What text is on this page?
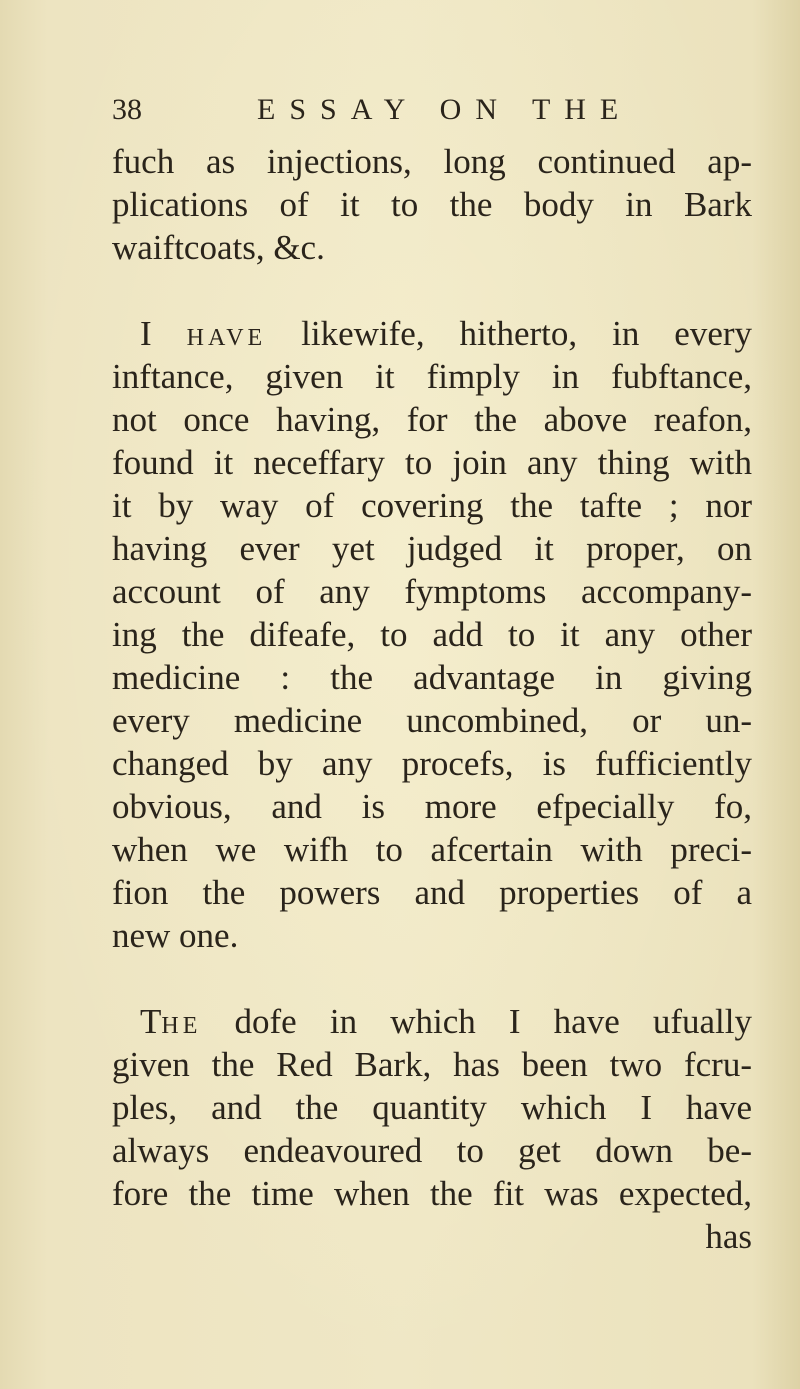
38	ESSAY ON THE
fuch as injections, long continued ap-
plications of it to the body in Bark
waiftcoats, &c.
I HAVE likewife, hitherto, in every
inftance, given it fimply in fubftance,
not once having, for the above reafon,
found it neceffary to join any thing with
it by way of covering the tafte ; nor
having ever yet judged it proper, on
account of any fymptoms accompany-
ing the difeafe, to add to it any other
medicine : the advantage in giving
every medicine uncombined, or un-
changed by any procefs, is fufficiently
obvious, and is more efpecially fo,
when we wifh to afcertain with preci-
fion the powers and properties of a
new one.
THE dofe in which I have ufually
given the Red Bark, has been two fcru-
ples, and the quantity which I have
always endeavoured to get down be-
fore the time when the fit was expected,
has
